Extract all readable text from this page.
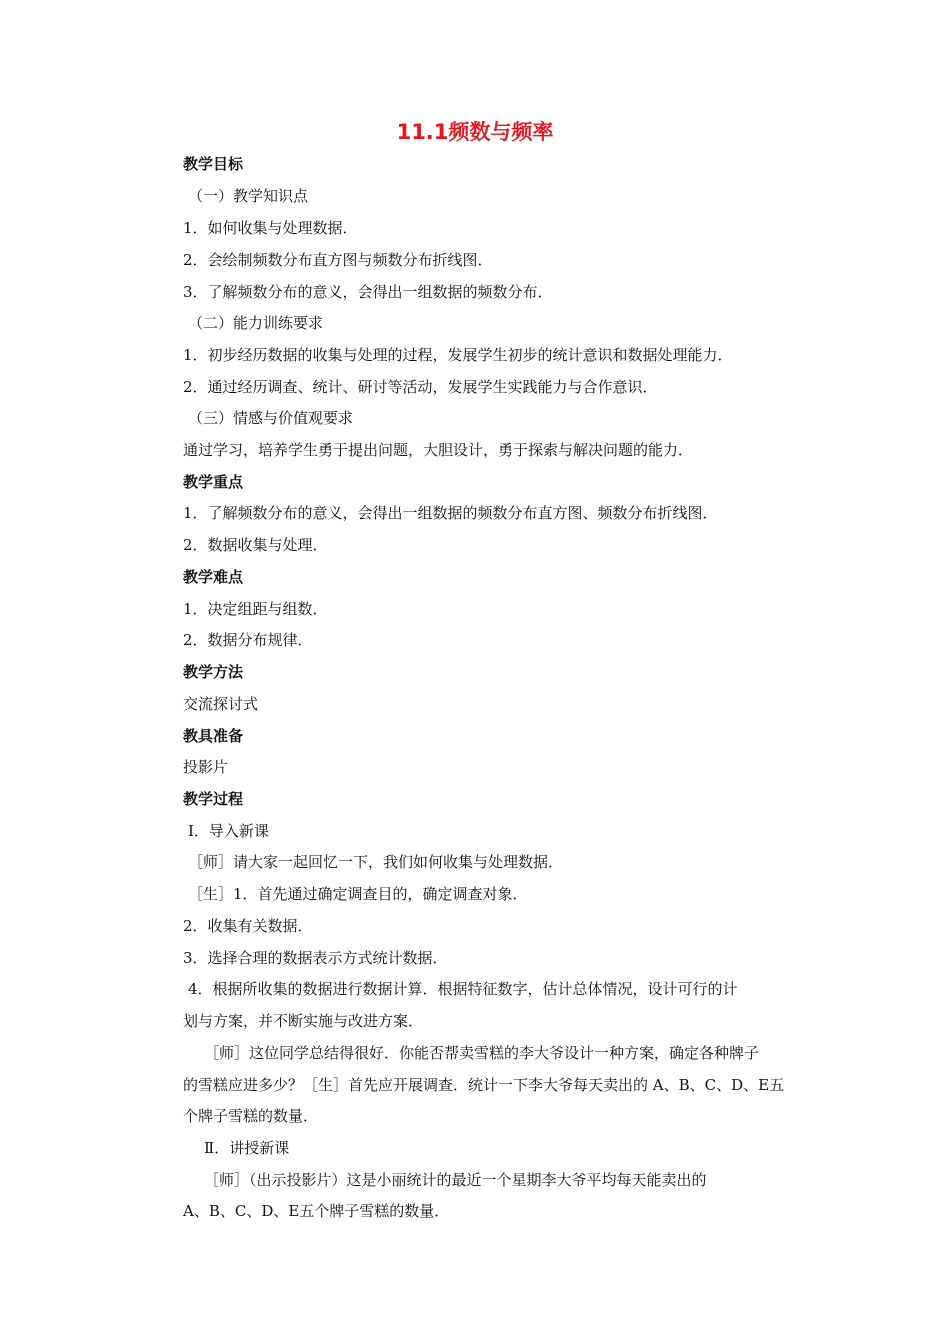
11.1频数与频率
教学目标
（一）教学知识点
1．如何收集与处理数据．
2．会绘制频数分布直方图与频数分布折线图．
3．了解频数分布的意义，会得出一组数据的频数分布．
（二）能力训练要求
1．初步经历数据的收集与处理的过程，发展学生初步的统计意识和数据处理能力．
2．通过经历调查、统计、研讨等活动，发展学生实践能力与合作意识．
（三）情感与价值观要求
通过学习，培养学生勇于提出问题，大胆设计，勇于探索与解决问题的能力．
教学重点
1．了解频数分布的意义，会得出一组数据的频数分布直方图、频数分布折线图．
2．数据收集与处理．
教学难点
1．决定组距与组数．
2．数据分布规律．
教学方法
交流探讨式
教具准备
投影片
教学过程
Ⅰ．导入新课
［师］请大家一起回忆一下，我们如何收集与处理数据．
［生］1．首先通过确定调查目的，确定调查对象．
2．收集有关数据．
3．选择合理的数据表示方式统计数据．
4．根据所收集的数据进行数据计算．根据特征数字，估计总体情况，设计可行的计
划与方案，并不断实施与改进方案．
［师］这位同学总结得很好．你能否帮卖雪糕的李大爷设计一种方案，确定各种牌子
的雪糕应进多少？［生］首先应开展调查．统计一下李大爷每天卖出的 A、B、C、D、E五
个牌子雪糕的数量．
Ⅱ．讲授新课
［师］（出示投影片）这是小丽统计的最近一个星期李大爷平均每天能卖出的
A、B、C、D、E五个牌子雪糕的数量．
